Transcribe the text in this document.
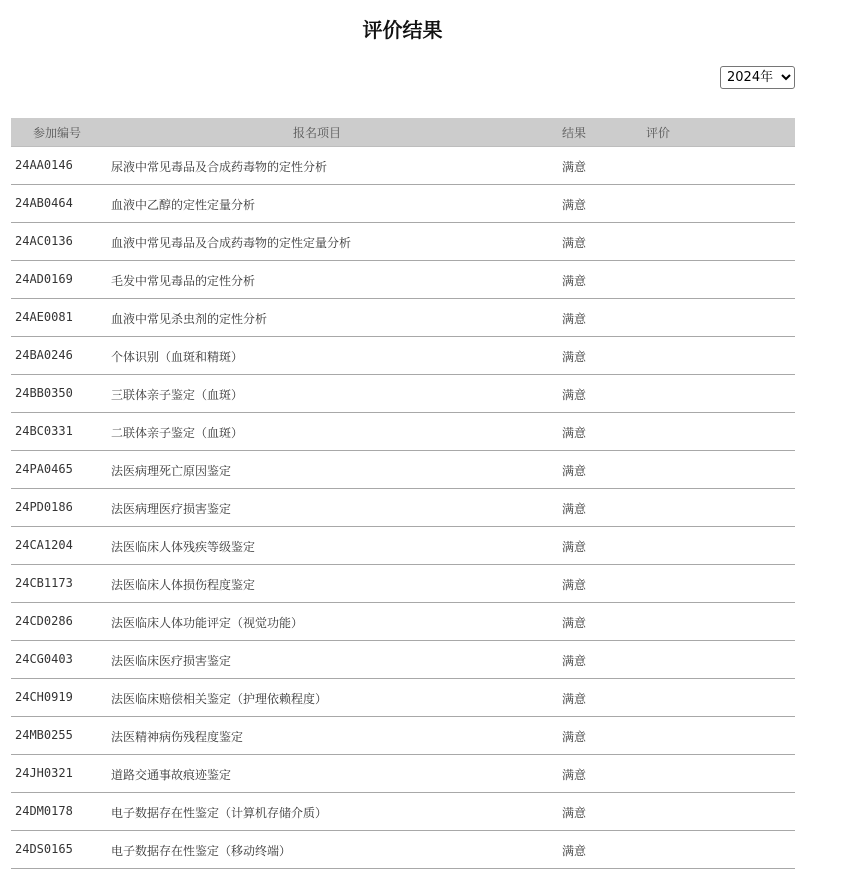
评价结果
2024年
参加编号	报名项目	结果	评价
24AA0146	尿液中常见毒品及合成药毒物的定性分析	满意
24AB0464	血液中乙醇的定性定量分析	满意
24AC0136	血液中常见毒品及合成药毒物的定性定量分析	满意
24AD0169	毛发中常见毒品的定性分析	满意
24AE0081	血液中常见杀虫剂的定性分析	满意
24BA0246	个体识别（血斑和精斑）	满意
24BB0350	三联体亲子鉴定（血斑）	满意
24BC0331	二联体亲子鉴定（血斑）	满意
24PA0465	法医病理死亡原因鉴定	满意
24PD0186	法医病理医疗损害鉴定	满意
24CA1204	法医临床人体残疾等级鉴定	满意
24CB1173	法医临床人体损伤程度鉴定	满意
24CD0286	法医临床人体功能评定（视觉功能）	满意
24CG0403	法医临床医疗损害鉴定	满意
24CH0919	法医临床赔偿相关鉴定（护理依赖程度）	满意
24MB0255	法医精神病伤残程度鉴定	满意
24JH0321	道路交通事故痕迹鉴定	满意
24DM0178	电子数据存在性鉴定（计算机存储介质）	满意
24DS0165	电子数据存在性鉴定（移动终端）	满意
